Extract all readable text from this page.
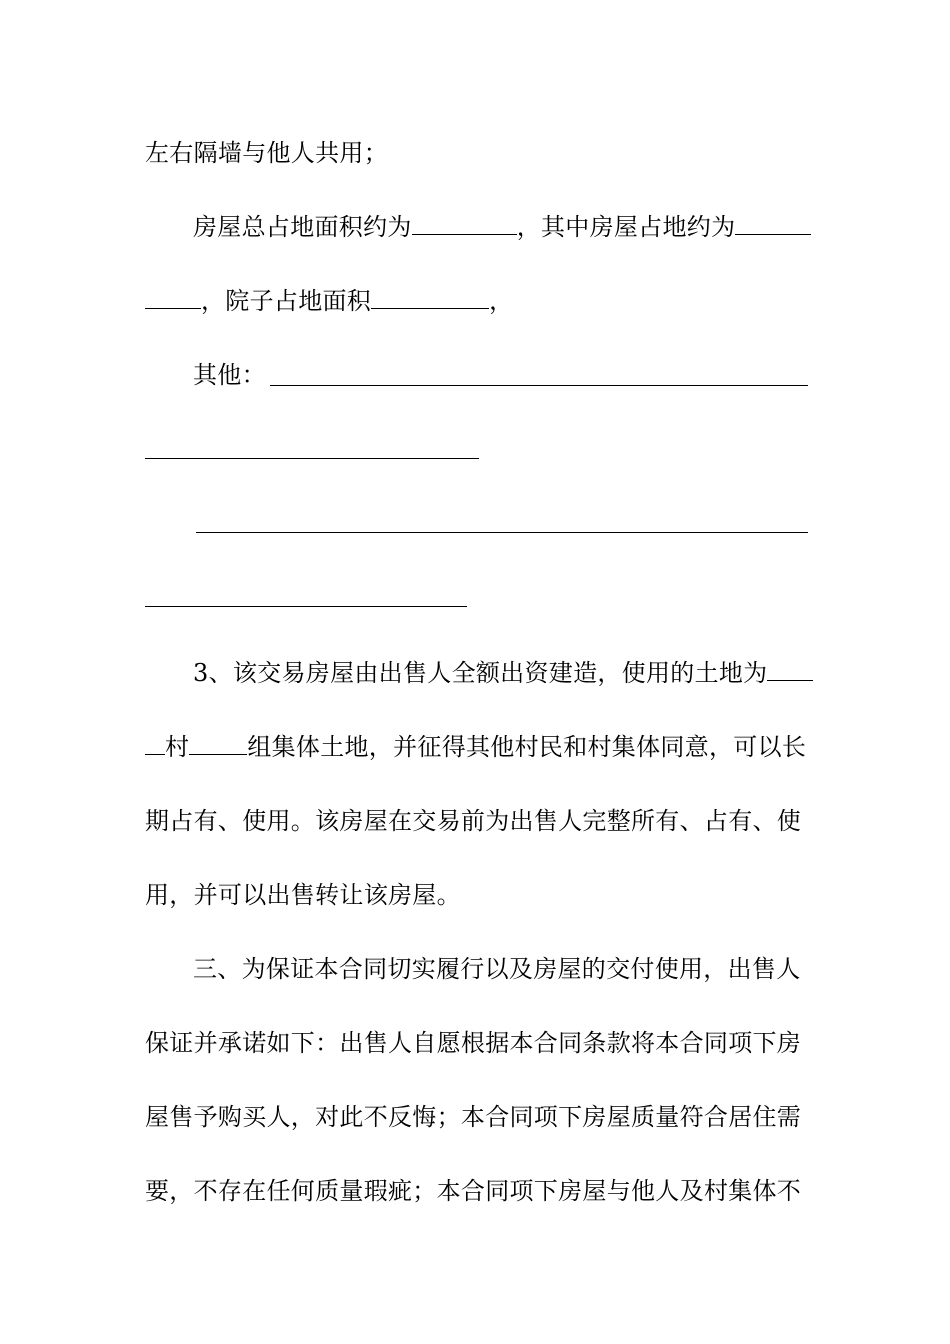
左右隔墙与他人共用；
房屋总占地面积约为	，其中房屋占地约为
，院子占地面积	，
其他：
3、该交易房屋由出售人全额出资建造，使用的土地为
村 组集体土地，并征得其他村民和村集体同意，可以长
期占有、使用。该房屋在交易前为出售人完整所有、占有、使
用，并可以出售转让该房屋。
三、为保证本合同切实履行以及房屋的交付使用，出售人
保证并承诺如下：出售人自愿根据本合同条款将本合同项下房
屋售予购买人，对此不反悔；本合同项下房屋质量符合居住需
要，不存在任何质量瑕疵；本合同项下房屋与他人及村集体不
